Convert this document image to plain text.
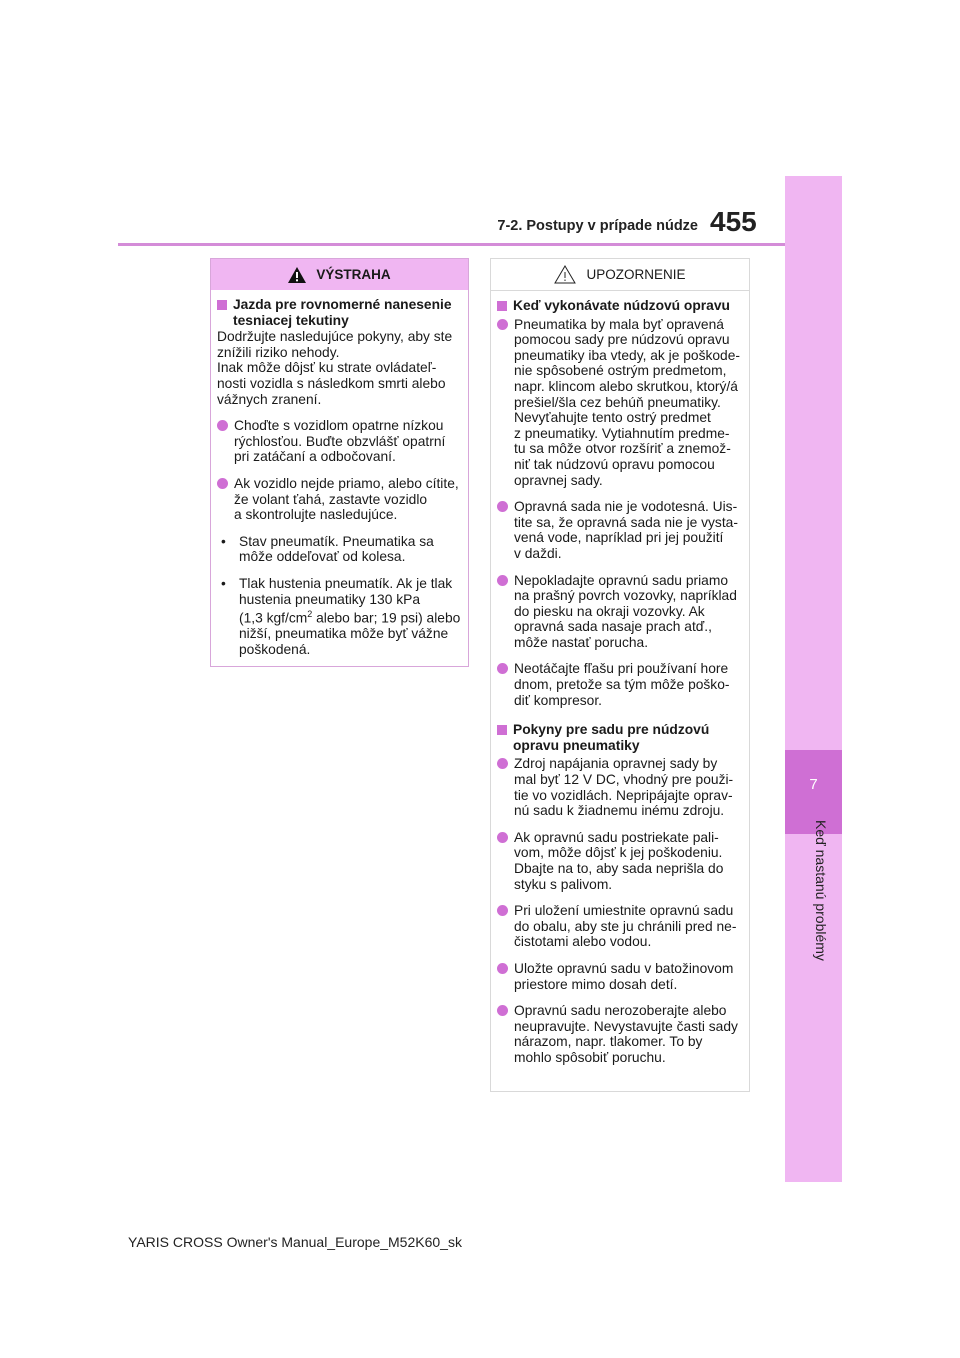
7
Keď nastanú problémy
7-2. Postupy v prípade núdze 455
VÝSTRAHA
Jazda pre rovnomerné nanesenie tesniacej tekutiny
Dodržujte nasledujúce pokyny, aby ste
znížili riziko nehody.
Inak môže dôjsť ku strate ovládateľ-
nosti vozidla s následkom smrti alebo
vážnych zranení.
Choďte s vozidlom opatrne nízkou
rýchlosťou. Buďte obzvlášť opatrní
pri zatáčaní a odbočovaní.
Ak vozidlo nejde priamo, alebo cítite,
že volant ťahá, zastavte vozidlo
a skontrolujte nasledujúce.
• Stav pneumatík. Pneumatika sa
môže oddeľovať od kolesa.
• Tlak hustenia pneumatík. Ak je tlak
hustenia pneumatiky 130 kPa
(1,3 kgf/$cm^2$ alebo bar; 19 psi) alebo
nižší, pneumatika môže byť vážne
poškodená.
UPOZORNENIE
Keď vykonávate núdzovú opravu
Pneumatika by mala byť opravená
pomocou sady pre núdzovú opravu
pneumatiky iba vtedy, ak je poškode-
nie spôsobené ostrým predmetom,
napr. klincom alebo skrutkou, ktorý/á
prešiel/šla cez behúň pneumatiky.
Nevyťahujte tento ostrý predmet
z pneumatiky. Vytiahnutím predme-
tu sa môže otvor rozšíriť a znemož-
niť tak núdzovú opravu pomocou
opravnej sady.
Opravná sada nie je vodotesná. Uis-
tite sa, že opravná sada nie je vysta-
vená vode, napríklad pri jej použití
v daždi.
Nepokladajte opravnú sadu priamo
na prašný povrch vozovky, napríklad
do piesku na okraji vozovky. Ak
opravná sada nasaje prach atď.,
môže nastať porucha.
Neotáčajte fľašu pri používaní hore
dnom, pretože sa tým môže poško-
diť kompresor.
Pokyny pre sadu pre núdzovú opravu pneumatiky
Zdroj napájania opravnej sady by
mal byť 12 V DC, vhodný pre použi-
tie vo vozidlách. Nepripájajte oprav-
nú sadu k žiadnemu inému zdroju.
Ak opravnú sadu postriekate pali-
vom, môže dôjsť k jej poškodeniu.
Dbajte na to, aby sada neprišla do
styku s palivom.
Pri uložení umiestnite opravnú sadu
do obalu, aby ste ju chránili pred ne-
čistotami alebo vodou.
Uložte opravnú sadu v batožinovom
priestore mimo dosah detí.
Opravnú sadu nerozoberajte alebo
neupravujte. Nevystavujte časti sady
nárazom, napr. tlakomer. To by
mohlo spôsobiť poruchu.
YARIS CROSS Owner's Manual_Europe_M52K60_sk
